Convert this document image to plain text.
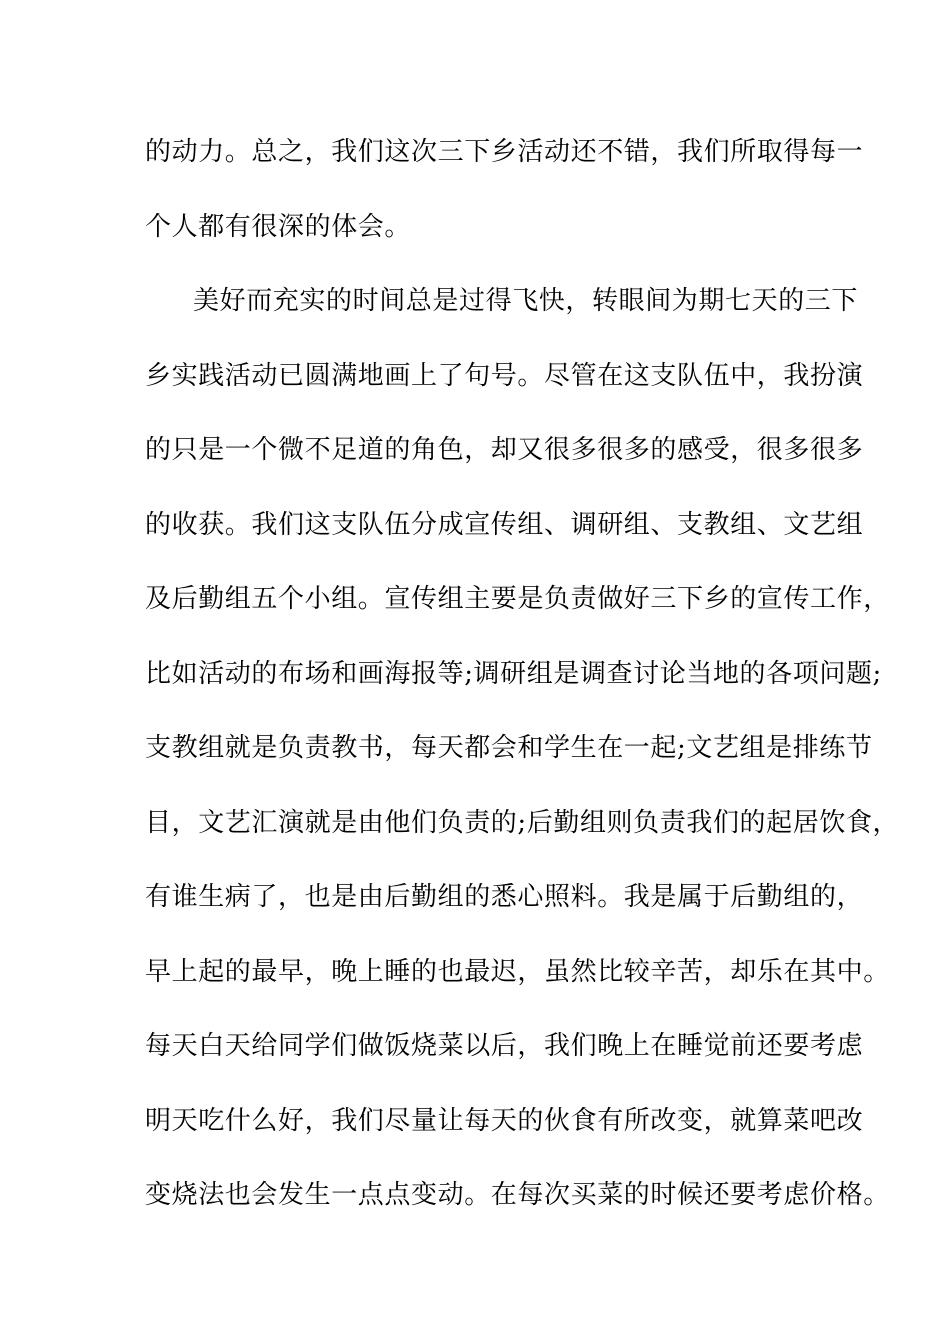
的动力。总之，我们这次三下乡活动还不错，我们所取得每一
个人都有很深的体会。
美好而充实的时间总是过得飞快，转眼间为期七天的三下
乡实践活动已圆满地画上了句号。尽管在这支队伍中，我扮演
的只是一个微不足道的角色，却又很多很多的感受，很多很多
的收获。我们这支队伍分成宣传组、调研组、支教组、文艺组
及后勤组五个小组。宣传组主要是负责做好三下乡的宣传工作，
比如活动的布场和画海报等;调研组是调查讨论当地的各项问题;
支教组就是负责教书，每天都会和学生在一起;文艺组是排练节
目，文艺汇演就是由他们负责的;后勤组则负责我们的起居饮食，
有谁生病了，也是由后勤组的悉心照料。我是属于后勤组的，
早上起的最早，晚上睡的也最迟，虽然比较辛苦，却乐在其中。
每天白天给同学们做饭烧菜以后，我们晚上在睡觉前还要考虑
明天吃什么好，我们尽量让每天的伙食有所改变，就算菜吧改
变烧法也会发生一点点变动。在每次买菜的时候还要考虑价格。
